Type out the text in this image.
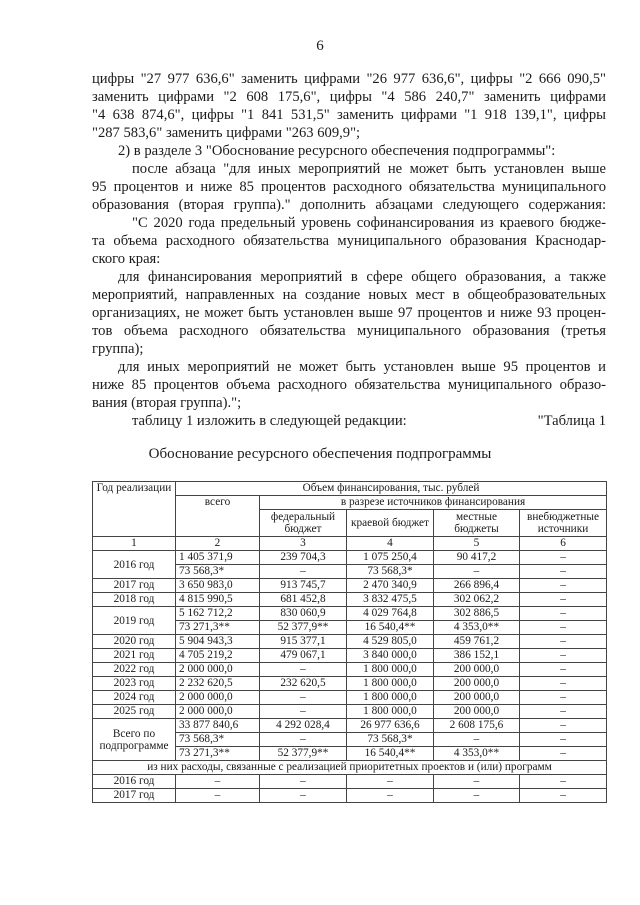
6
цифры "27 977 636,6" заменить цифрами "26 977 636,6", цифры "2 666 090,5"
заменить цифрами "2 608 175,6", цифры "4 586 240,7" заменить цифрами
"4 638 874,6", цифры "1 841 531,5" заменить цифрами "1 918 139,1", цифры
"287 583,6" заменить цифрами "263 609,9";
2) в разделе 3 "Обоснование ресурсного обеспечения подпрограммы":
после абзаца "для иных мероприятий не может быть установлен выше
95 процентов и ниже 85 процентов расходного обязательства муниципального
образования (вторая группа)." дополнить абзацами следующего содержания:
"С 2020 года предельный уровень софинансирования из краевого бюдже-
та объема расходного обязательства муниципального образования Краснодар-
ского края:
для финансирования мероприятий в сфере общего образования, а также
мероприятий, направленных на создание новых мест в общеобразовательных
организациях, не может быть установлен выше 97 процентов и ниже 93 процен-
тов объема расходного обязательства муниципального образования (третья
группа);
для иных мероприятий не может быть установлен выше 95 процентов и
ниже 85 процентов объема расходного обязательства муниципального образо-
вания (вторая группа).";
таблицу 1 изложить в следующей редакции:	"Таблица 1
Обоснование ресурсного обеспечения подпрограммы
Год реализации	Объем финансирования, тыс. рублей				
	всего	в разрезе источников финансирования			
		федеральный бюджет	краевой бюджет	местные бюджеты	внебюджетные источники
1	2	3	4	5	6
2016 год	1 405 371,9	239 704,3	1 075 250,4	90 417,2	–
	73 568,3*	–	73 568,3*	–	–
2017 год	3 650 983,0	913 745,7	2 470 340,9	266 896,4	–
2018 год	4 815 990,5	681 452,8	3 832 475,5	302 062,2	–
2019 год	5 162 712,2	830 060,9	4 029 764,8	302 886,5	–
	73 271,3**	52 377,9**	16 540,4**	4 353,0**	–
2020 год	5 904 943,3	915 377,1	4 529 805,0	459 761,2	–
2021 год	4 705 219,2	479 067,1	3 840 000,0	386 152,1	–
2022 год	2 000 000,0	–	1 800 000,0	200 000,0	–
2023 год	2 232 620,5	232 620,5	1 800 000,0	200 000,0	–
2024 год	2 000 000,0	–	1 800 000,0	200 000,0	–
2025 год	2 000 000,0	–	1 800 000,0	200 000,0	–
Всего по подпрограмме	33 877 840,6	4 292 028,4	26 977 636,6	2 608 175,6	–
	73 568,3*	–	73 568,3*	–	–
	73 271,3**	52 377,9**	16 540,4**	4 353,0**	–
из них расходы, связанные с реализацией приоритетных проектов и (или) программ					
2016 год	–	–	–	–	–
2017 год	–	–	–	–	–
